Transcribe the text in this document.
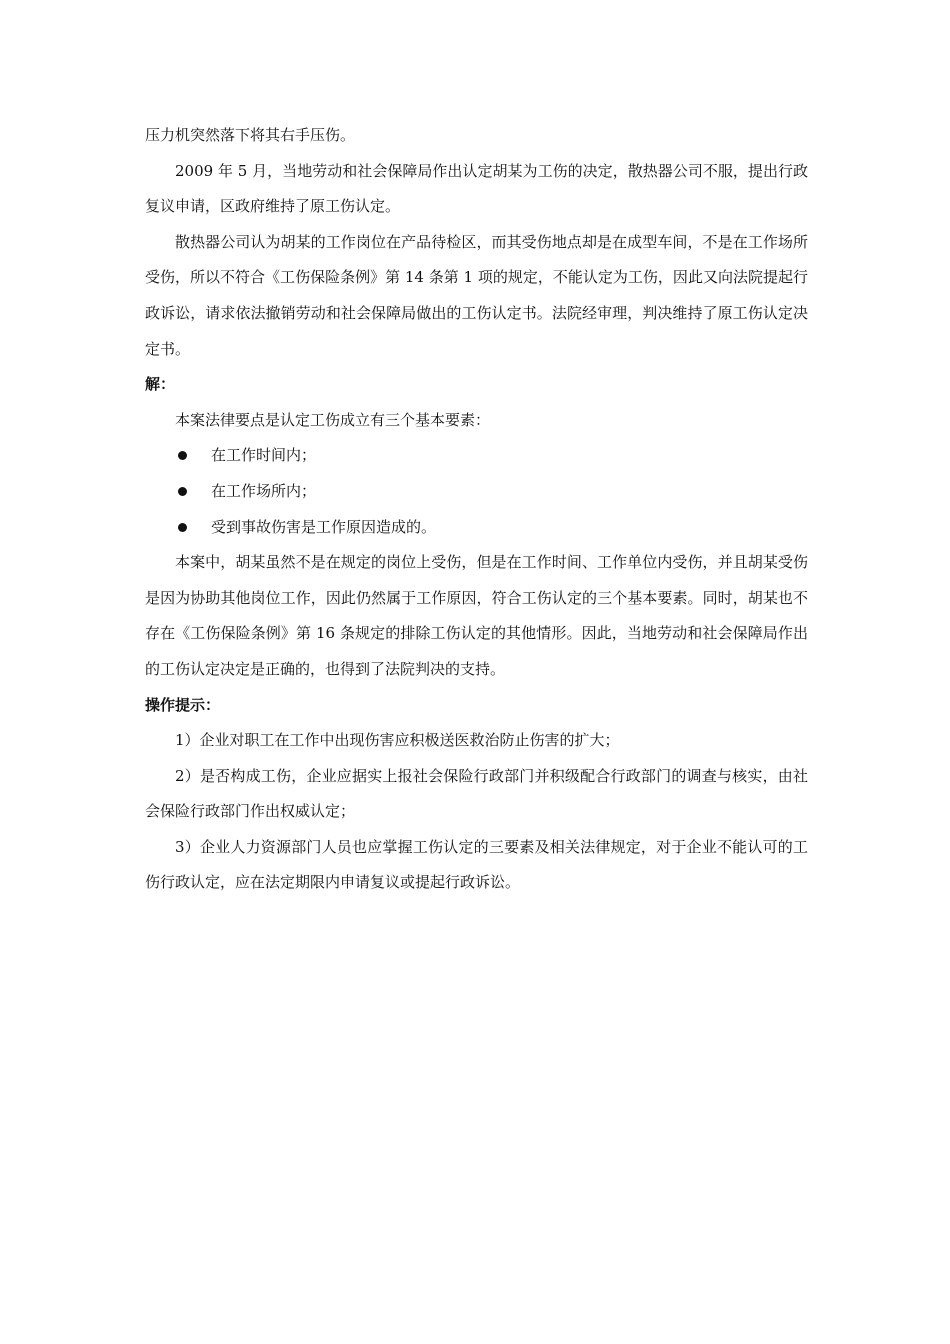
压力机突然落下将其右手压伤。

2009 年 5 月，当地劳动和社会保障局作出认定胡某为工伤的决定，散热器公司不服，提出行政复议申请，区政府维持了原工伤认定。

散热器公司认为胡某的工作岗位在产品待检区，而其受伤地点却是在成型车间，不是在工作场所受伤，所以不符合《工伤保险条例》第 14 条第 1 项的规定，不能认定为工伤，因此又向法院提起行政诉讼，请求依法撤销劳动和社会保障局做出的工伤认定书。法院经审理，判决维持了原工伤认定决定书。

解：

本案法律要点是认定工伤成立有三个基本要素：

在工作时间内；
在工作场所内；
受到事故伤害是工作原因造成的。

本案中，胡某虽然不是在规定的岗位上受伤，但是在工作时间、工作单位内受伤，并且胡某受伤是因为协助其他岗位工作，因此仍然属于工作原因，符合工伤认定的三个基本要素。同时，胡某也不存在《工伤保险条例》第 16 条规定的排除工伤认定的其他情形。因此，当地劳动和社会保障局作出的工伤认定决定是正确的，也得到了法院判决的支持。

操作提示：

1）企业对职工在工作中出现伤害应积极送医救治防止伤害的扩大；

2）是否构成工伤，企业应据实上报社会保险行政部门并积级配合行政部门的调查与核实，由社会保险行政部门作出权威认定；

3）企业人力资源部门人员也应掌握工伤认定的三要素及相关法律规定，对于企业不能认可的工伤行政认定，应在法定期限内申请复议或提起行政诉讼。
